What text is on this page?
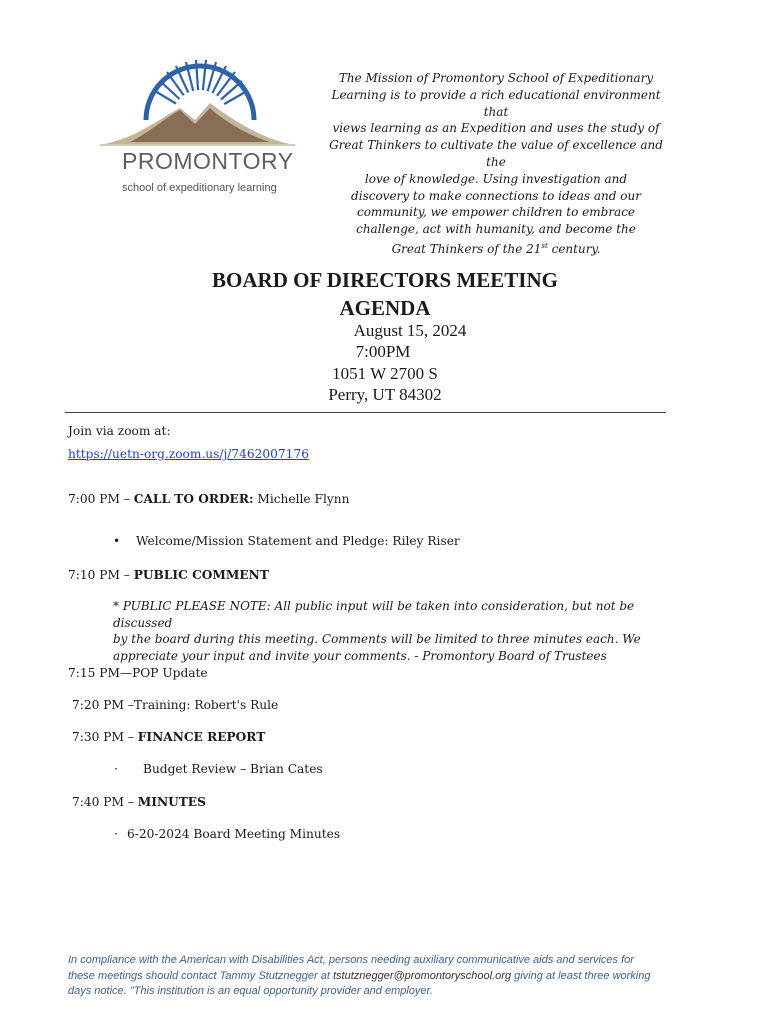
PROMONTORY
school of expeditionary learning
The Mission of Promontory School of Expeditionary
Learning is to provide a rich educational environment that
views learning as an Expedition and uses the study of
Great Thinkers to cultivate the value of excellence and the
love of knowledge. Using investigation and
discovery to make connections to ideas and our
community, we empower children to embrace
challenge, act with humanity, and become the
Great Thinkers of the 21st century.
BOARD OF DIRECTORS MEETING
AGENDA
August 15, 2024
7:00PM
1051 W 2700 S
Perry, UT 84302
Join via zoom at:
https://uetn-org.zoom.us/j/7462007176
7:00 PM – CALL TO ORDER: Michelle Flynn
• Welcome/Mission Statement and Pledge: Riley Riser
7:10 PM – PUBLIC COMMENT
* PUBLIC PLEASE NOTE: All public input will be taken into consideration, but not be discussed
by the board during this meeting. Comments will be limited to three minutes each. We
appreciate your input and invite your comments. - Promontory Board of Trustees
7:15 PM—POP Update
7:20 PM –Training: Robert's Rule
7:30 PM – FINANCE REPORT
· Budget Review – Brian Cates
7:40 PM – MINUTES
· 6-20-2024 Board Meeting Minutes
In compliance with the American with Disabilities Act, persons needing auxiliary communicative aids and services for
these meetings should contact Tammy Stutznegger at tstutznegger@promontoryschool.org giving at least three working
days notice. "This institution is an equal opportunity provider and employer.
